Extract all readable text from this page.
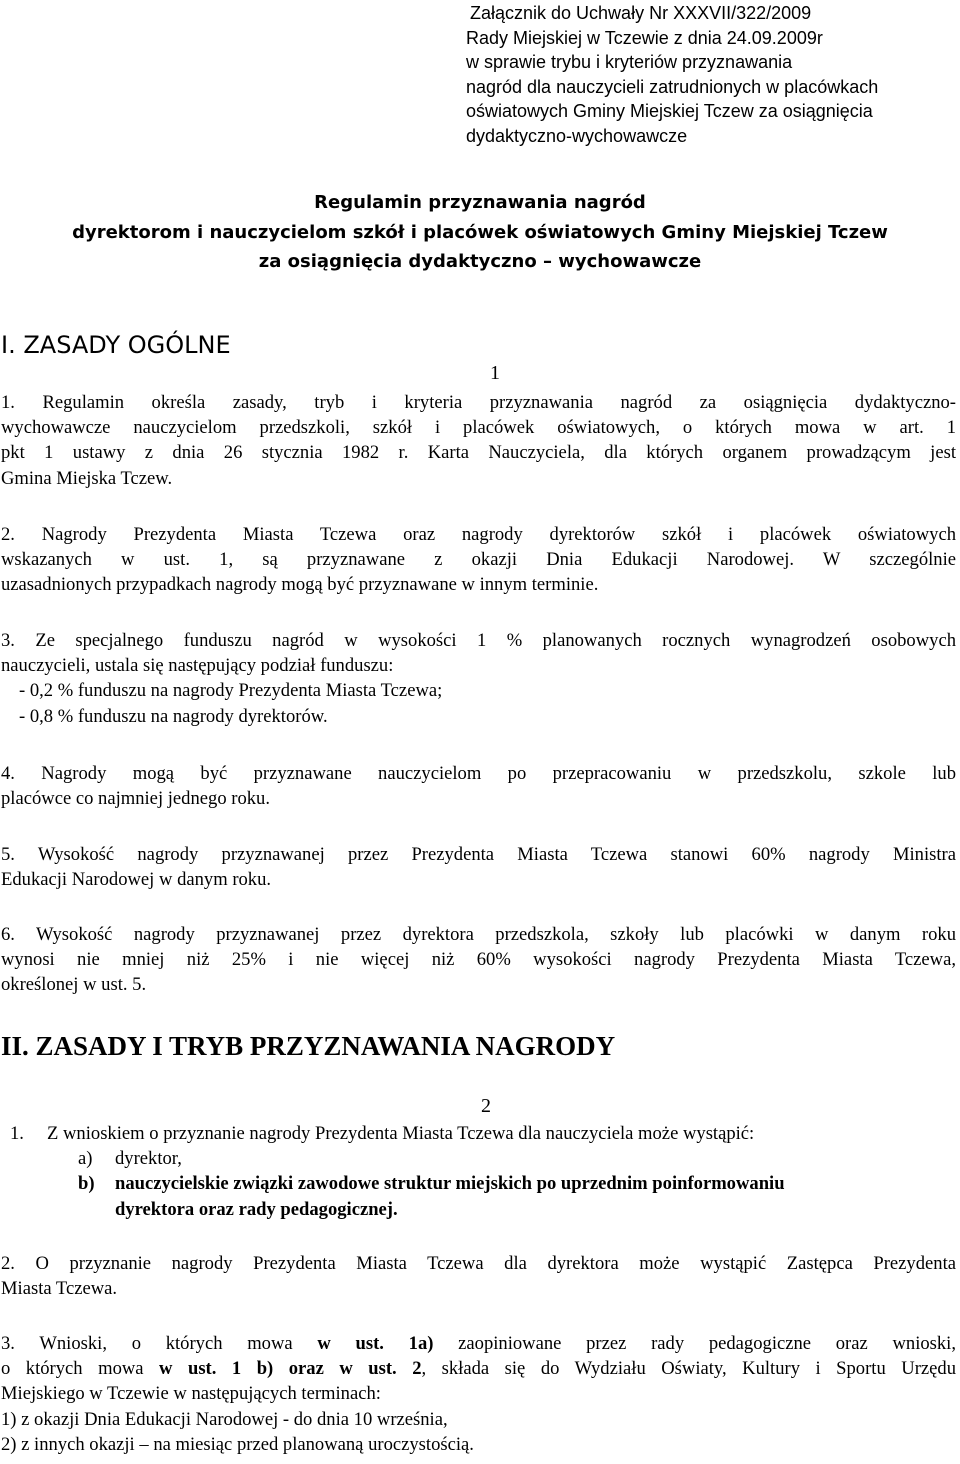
Załącznik do Uchwały Nr XXXVII/322/2009
Rady Miejskiej w Tczewie z dnia 24.09.2009r
w sprawie trybu i kryteriów przyznawania
nagród dla nauczycieli zatrudnionych w placówkach
oświatowych Gminy Miejskiej Tczew za osiągnięcia
dydaktyczno-wychowawcze
Regulamin przyznawania nagród
dyrektorom i nauczycielom szkół i placówek oświatowych Gminy Miejskiej Tczew
za osiągnięcia dydaktyczno – wychowawcze
I. ZASADY OGÓLNE
1
1. Regulamin określa zasady, tryb i kryteria przyznawania nagród za osiągnięcia dydaktyczno-
wychowawcze nauczycielom przedszkoli, szkół i placówek oświatowych, o których mowa w art. 1
pkt 1 ustawy z dnia 26 stycznia 1982 r. Karta Nauczyciela, dla których organem prowadzącym jest
Gmina Miejska Tczew.
2. Nagrody Prezydenta Miasta Tczewa oraz nagrody dyrektorów szkół i placówek oświatowych
wskazanych w ust. 1, są przyznawane z okazji Dnia Edukacji Narodowej. W szczególnie
uzasadnionych przypadkach nagrody mogą być przyznawane w innym terminie.
3. Ze specjalnego funduszu nagród w wysokości 1 % planowanych rocznych wynagrodzeń osobowych
nauczycieli, ustala się następujący podział funduszu:
- 0,2 % funduszu na nagrody Prezydenta Miasta Tczewa;
- 0,8 % funduszu na nagrody dyrektorów.
4. Nagrody mogą być przyznawane nauczycielom po przepracowaniu w przedszkolu, szkole lub
placówce co najmniej jednego roku.
5. Wysokość nagrody przyznawanej przez Prezydenta Miasta Tczewa stanowi 60% nagrody Ministra
Edukacji Narodowej w danym roku.
6. Wysokość nagrody przyznawanej przez dyrektora przedszkola, szkoły lub placówki w danym roku
wynosi nie mniej niż 25% i nie więcej niż 60% wysokości nagrody Prezydenta Miasta Tczewa,
określonej w ust. 5.
II. ZASADY I TRYB PRZYZNAWANIA NAGRODY
2
1. Z wnioskiem o przyznanie nagrody Prezydenta Miasta Tczewa dla nauczyciela może wystąpić:
a) dyrektor,
b) nauczycielskie związki zawodowe struktur miejskich po uprzednim poinformowaniu
dyrektora oraz rady pedagogicznej.
2. O przyznanie nagrody Prezydenta Miasta Tczewa dla dyrektora może wystąpić Zastępca Prezydenta
Miasta Tczewa.
3. Wnioski, o których mowa w ust. 1a) zaopiniowane przez rady pedagogiczne oraz wnioski,
o których mowa w ust. 1 b) oraz w ust. 2, składa się do Wydziału Oświaty, Kultury i Sportu Urzędu
Miejskiego w Tczewie w następujących terminach:
1) z okazji Dnia Edukacji Narodowej - do dnia 10 września,
2) z innych okazji – na miesiąc przed planowaną uroczystością.
